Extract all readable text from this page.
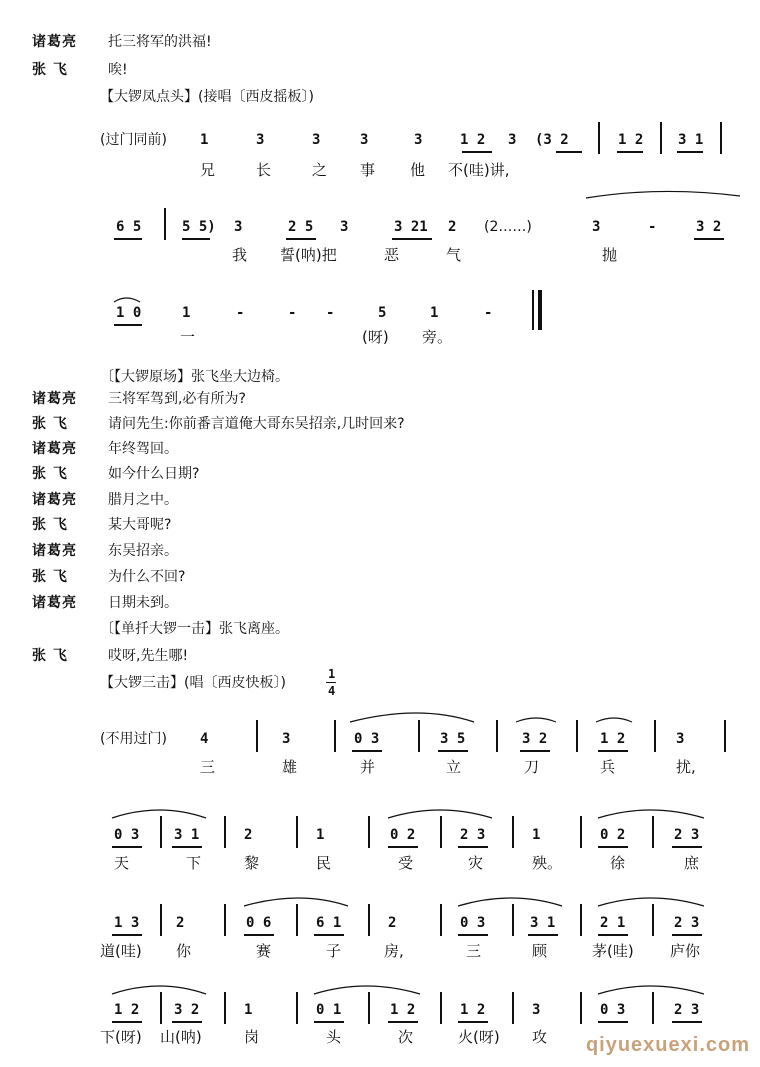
诸葛亮 托三将军的洪福!
张 飞	唉!
【大锣凤点头】(接唱〔西皮摇板〕)
(过门同前) 1	3	3	3	3	1 2 3 (3 2	1 2 3 1
兄	长	之 事 他 不(哇)讲,
6 5	5 5) 3	2 5 3	3 21 2 (2……)	3	-	3 2
我 誓(呐)把	恶	气	抛
1 0	1	-	- -	5	1	-
一	(呀) 旁。
〔【大锣原场】张飞坐大边椅。
诸葛亮 三将军驾到,必有所为?
张 飞	请问先生:你前番言道俺大哥东吴招亲,几时回来?
诸葛亮 年终驾回。
张 飞	如今什么日期?
诸葛亮 腊月之中。
张 飞	某大哥呢?
诸葛亮 东吴招亲。
张 飞	为什么不回?
诸葛亮 日期未到。
〔【单扦大锣一击】张飞离座。
张 飞	哎呀,先生哪!
【大锣三击】(唱〔西皮快板〕)
1
4
(不用过门) 4	3	0 3	3 5	3 2	1 2	3
三	雄	并	立	刀	兵	扰,
0 3 3 1	2	1	0 2	2 3	1	0 2	2 3
天	下	黎	民	受	灾	殃。	徐	庶
1 3	2	0 6	6 1	2	0 3	3 1	2 1	2 3
道(哇) 你	赛	子	房,	三	顾	茅(哇) 庐你
1 2 3 2	1	0 1	1 2	1 2	3	0 3	2 3
下(呀) 山(呐)	岗	头	次	火(呀) 攻 qiyuexuexi.com
